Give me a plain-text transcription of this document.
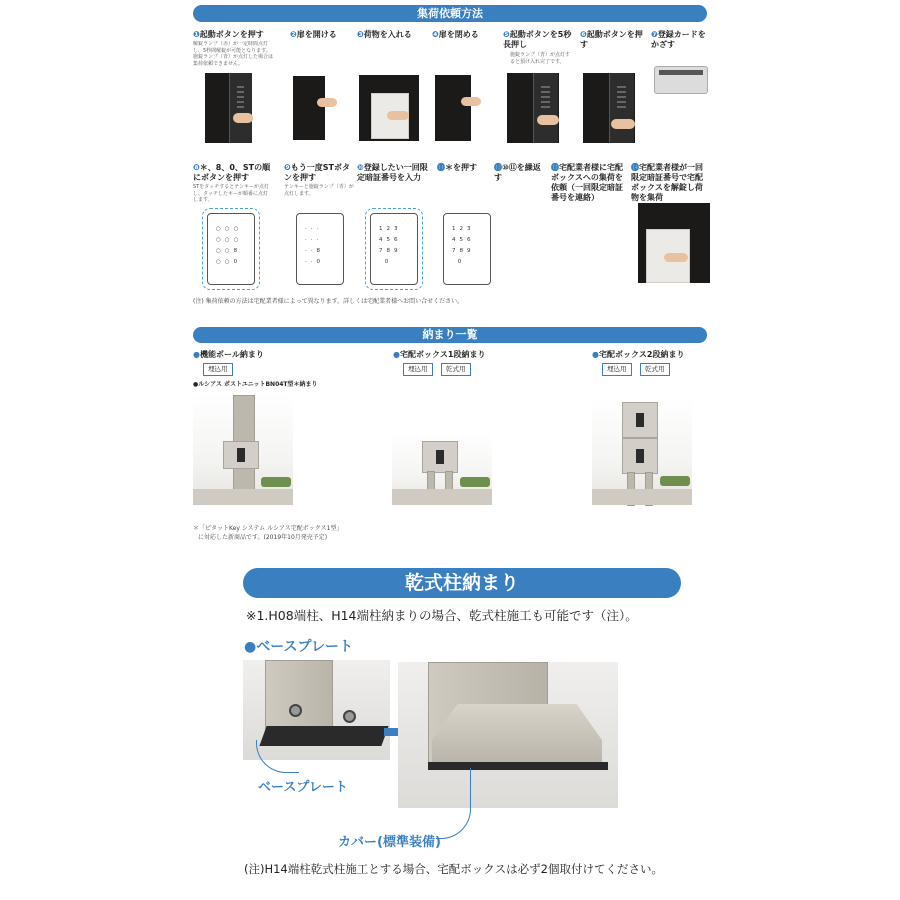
集荷依頼方法
❶起動ボタンを押す
解錠ランプ（赤）が一定時間点灯し、5秒間解錠が可能となります。施錠ランプ（青）が点灯した場合は集荷依頼できません。
❷扉を開ける	❸荷物を入れる	❹扉を閉める	❺起動ボタンを5秒長押し
施錠ランプ（青）が点灯すると預け入れ完了です。
❻起動ボタンを押す
❼登録カードをかざす
❽＊、8、0、STの順にボタンを押す
STをタッチするとテンキーが点灯し、タッチしたキーが順番に点灯します。
❾もう一度STボタンを押す
テンキーと施錠ランプ（青）が点灯します。
❿登録したい一回限定暗証番号を入力
⓫＊を押す	⓬⑩⑪を繰返す
⓭宅配業者様に宅配ボックスへの集荷を依頼（一回限定暗証番号を連絡）
⓮宅配業者様が一回限定暗証番号で宅配ボックスを解錠し荷物を集荷
○○○
○○○
○○8
○○0
···
···
··8
··0
123
456
789
0
123
456
789
0
(注) 集荷依頼の方法は宅配業者様によって異なります。詳しくは宅配業者様へお問い合せください。
納まり一覧
●機能ポール納まり
埋込用
●ルシアス ポストユニットBN04T型＊納まり
●宅配ボックス1段納まり
埋込用	乾式用
●宅配ボックス2段納まり
埋込用	乾式用
＊「ピタットKey システム ルシアス宅配ボックス1型」
に対応した新商品です。(2019年10月発売予定)
乾式柱納まり
※1.H08端柱、H14端柱納まりの場合、乾式柱施工も可能です（注）。
●ベースプレート
ベースプレート
カバー(標準装備)
(注)H14端柱乾式柱施工とする場合、宅配ボックスは必ず2個取付けてください。
